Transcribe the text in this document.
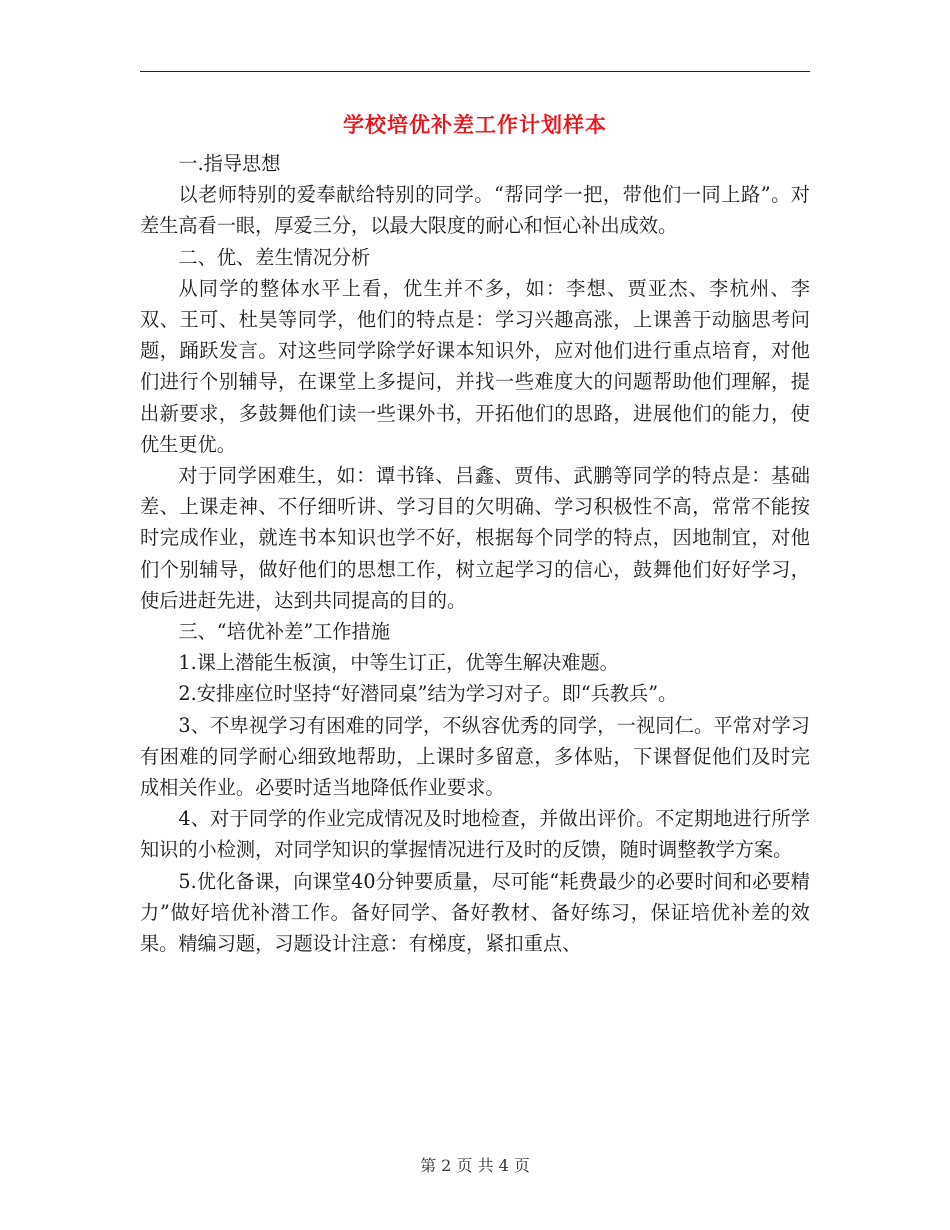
学校培优补差工作计划样本

一.指导思想

以老师特别的爱奉献给特别的同学。“帮同学一把，带他们一同上路”。对差生高看一眼，厚爱三分，以最大限度的耐心和恒心补出成效。

二、优、差生情况分析

从同学的整体水平上看，优生并不多，如：李想、贾亚杰、李杭州、李双、王可、杜昊等同学，他们的特点是：学习兴趣高涨，上课善于动脑思考问题，踊跃发言。对这些同学除学好课本知识外，应对他们进行重点培育，对他们进行个别辅导，在课堂上多提问，并找一些难度大的问题帮助他们理解，提出新要求，多鼓舞他们读一些课外书，开拓他们的思路，进展他们的能力，使优生更优。

对于同学困难生，如：谭书锋、吕鑫、贾伟、武鹏等同学的特点是：基础差、上课走神、不仔细听讲、学习目的欠明确、学习积极性不高，常常不能按时完成作业，就连书本知识也学不好，根据每个同学的特点，因地制宜，对他们个别辅导，做好他们的思想工作，树立起学习的信心，鼓舞他们好好学习，使后进赶先进，达到共同提高的目的。

三、“培优补差”工作措施

1.课上潜能生板演，中等生订正，优等生解决难题。

2.安排座位时坚持“好潜同桌”结为学习对子。即“兵教兵”。

3、不卑视学习有困难的同学，不纵容优秀的同学，一视同仁。平常对学习有困难的同学耐心细致地帮助，上课时多留意，多体贴，下课督促他们及时完成相关作业。必要时适当地降低作业要求。

4、对于同学的作业完成情况及时地检查，并做出评价。不定期地进行所学知识的小检测，对同学知识的掌握情况进行及时的反馈，随时调整教学方案。

5.优化备课，向课堂40分钟要质量，尽可能“耗费最少的必要时间和必要精力”做好培优补潜工作。备好同学、备好教材、备好练习，保证培优补差的效果。精编习题，习题设计注意：有梯度，紧扣重点、

第 2 页 共 4 页
